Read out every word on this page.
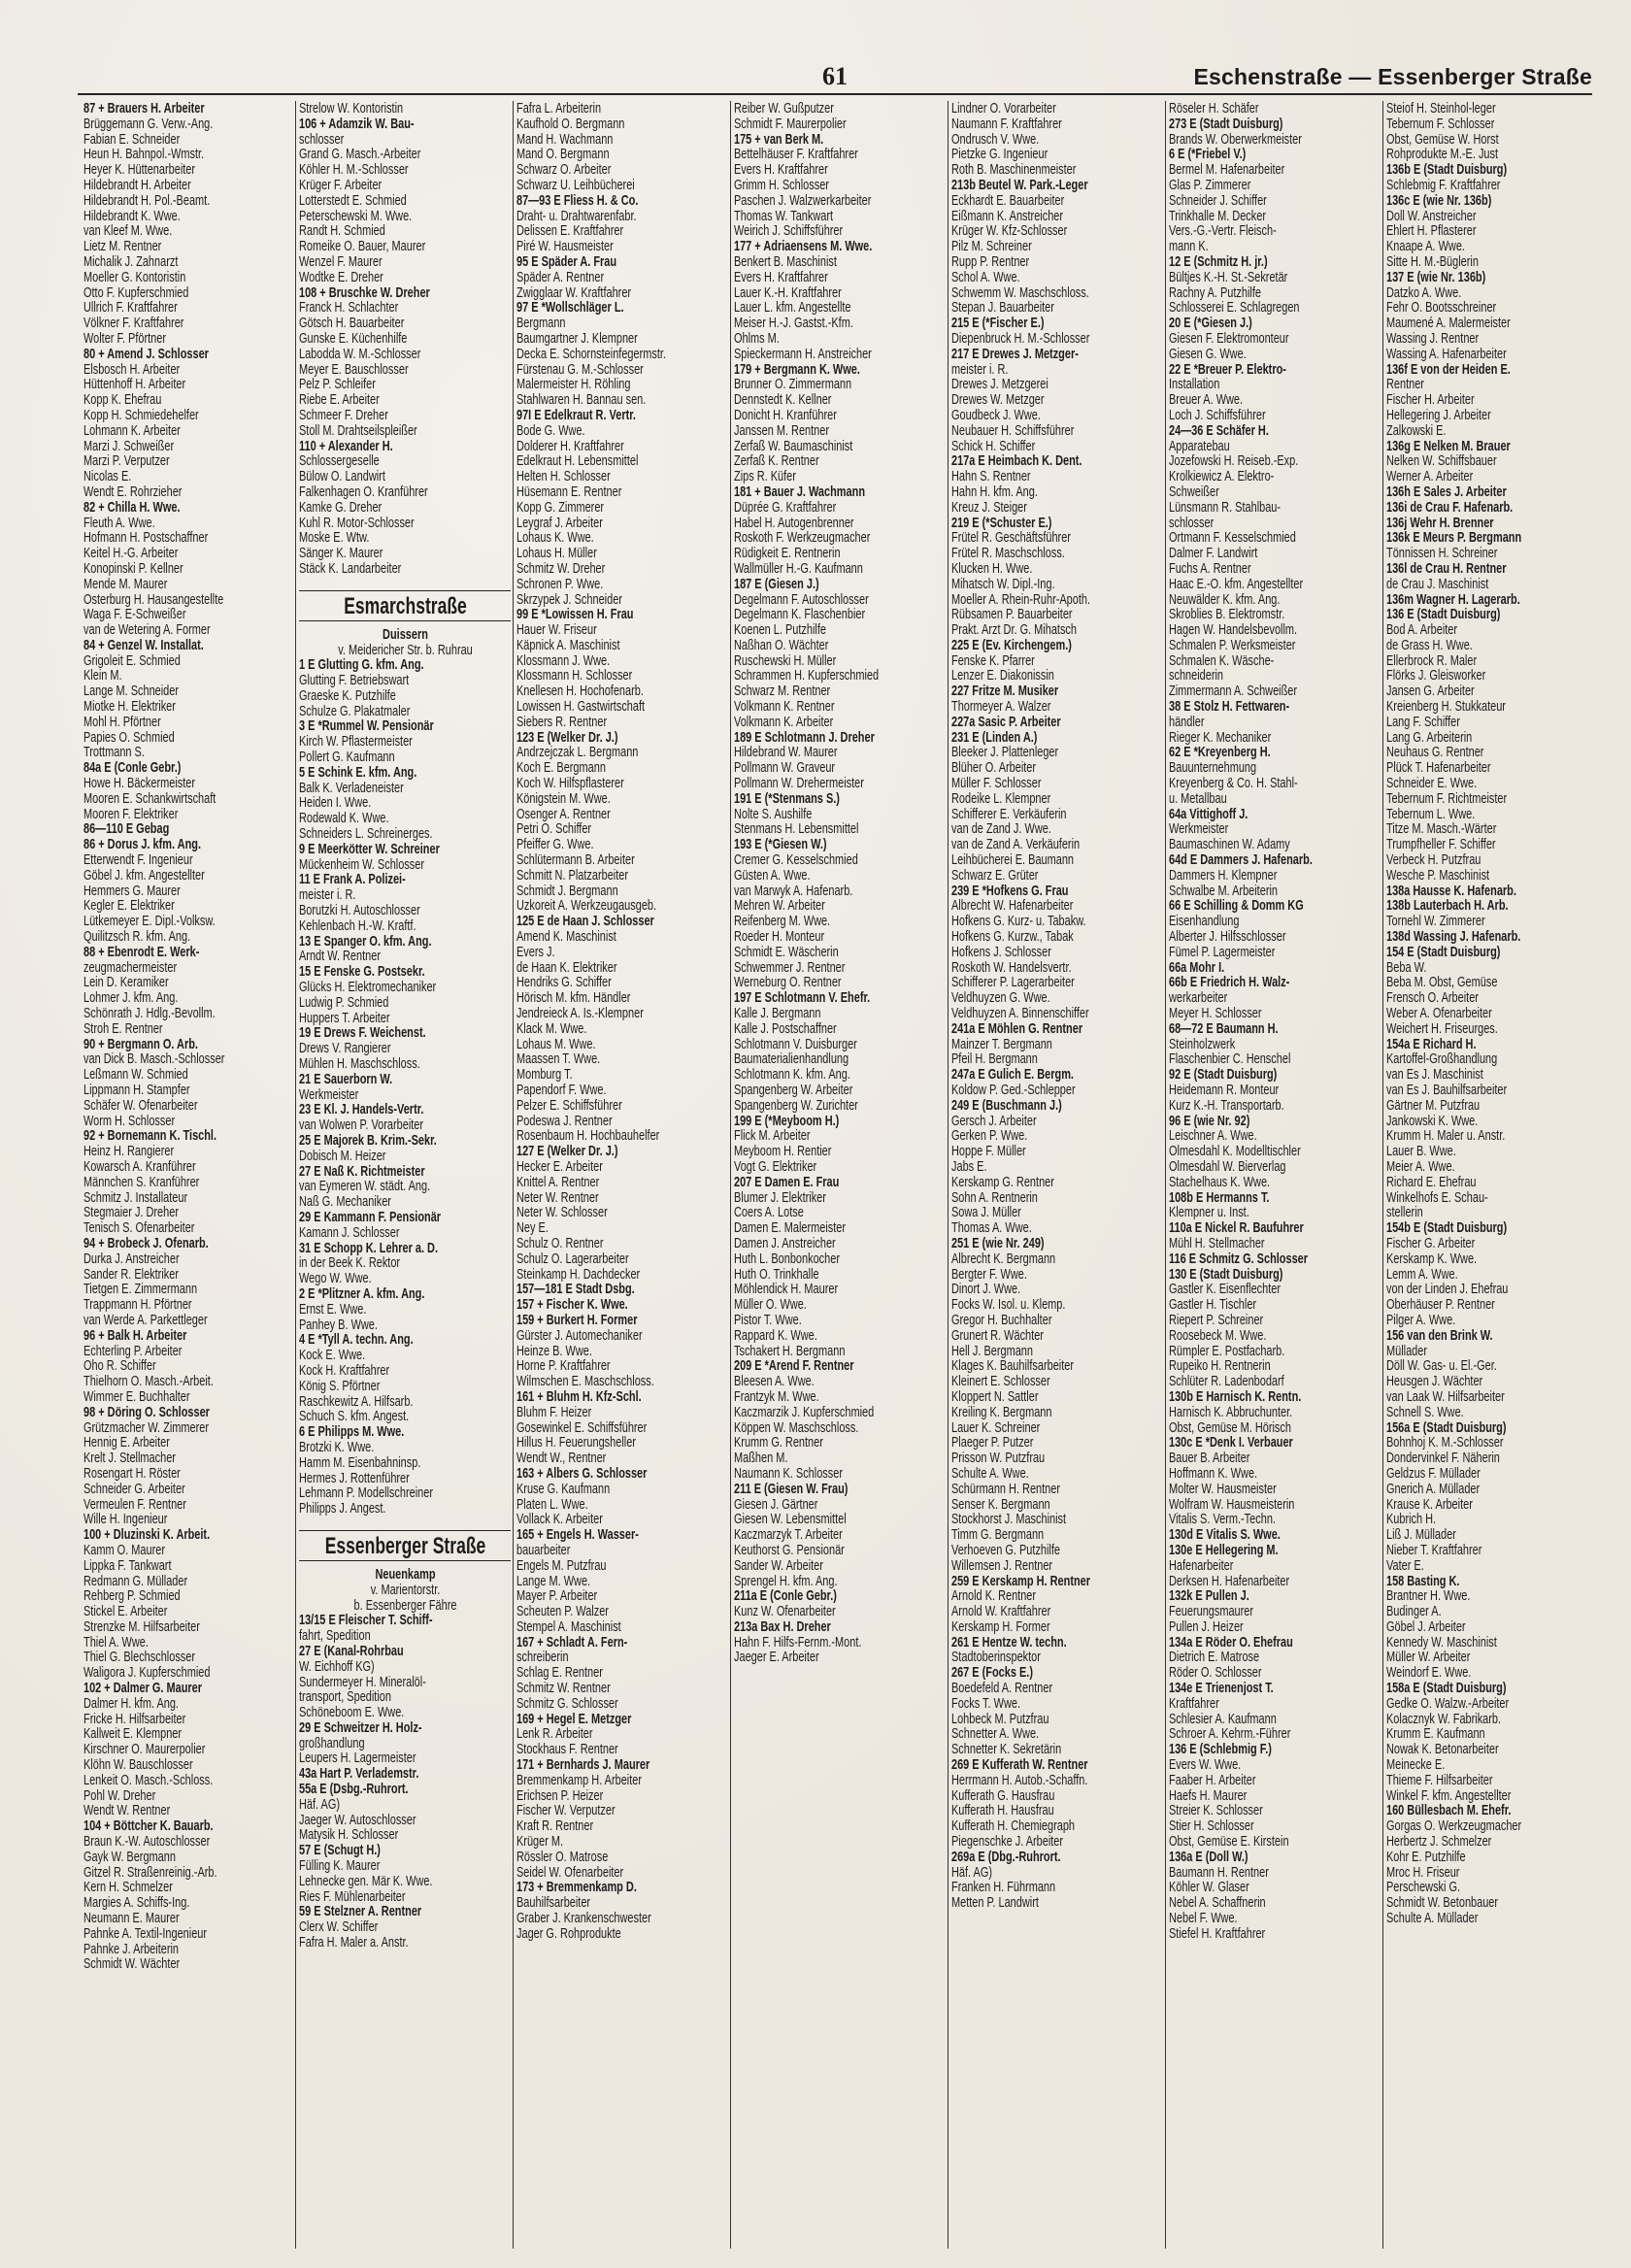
61	Eschenstraße — Essenberger Straße
87 + Brauers H. Arbeiter
Brüggemann G. Verw.-Ang.
Fabian E. Schneider
Heun H. Bahnpol.-Wmstr.
Heyer K. Hüttenarbeiter
Hildebrandt H. Arbeiter
Hildebrandt H. Pol.-Beamt.
Hildebrandt K. Wwe.
van Kleef M. Wwe.
Lietz M. Rentner
Michalik J. Zahnarzt
Moeller G. Kontoristin
Otto F. Kupferschmied
Ullrich F. Kraftfahrer
Völkner F. Kraftfahrer
Wolter F. Pförtner
80 + Amend J. Schlosser
Elsbosch H. Arbeiter
Hüttenhoff H. Arbeiter
Kopp K. Ehefrau
Kopp H. Schmiedehelfer
Lohmann K. Arbeiter
Marzi J. Schweißer
Marzi P. Verputzer
Nicolas E.
Wendt E. Rohrzieher
82 + Chilla H. Wwe.
Fleuth A. Wwe.
Hofmann H. Postschaffner
Keitel H.-G. Arbeiter
Konopinski P. Kellner
Mende M. Maurer
Osterburg H. Hausangestellte
Waga F. E-Schweißer
van de Wetering A. Former
84 + Genzel W. Installat.
Grigoleit E. Schmied
Klein M.
Lange M. Schneider
Miotke H. Elektriker
Mohl H. Pförtner
Papies O. Schmied
Trottmann S.
84a E (Conle Gebr.)
Howe H. Bäckermeister
Mooren E. Schankwirtschaft
Mooren F. Elektriker
86—110 E Gebag
86 + Dorus J. kfm. Ang.
Etterwendt F. Ingenieur
Göbel J. kfm. Angestellter
Hemmers G. Maurer
Kegler E. Elektriker
Lütkemeyer E. Dipl.-Volksw.
Quilitzsch R. kfm. Ang.
88 + Ebenrodt E. Werk-
zeugmachermeister
Lein D. Keramiker
Lohmer J. kfm. Ang.
Schönrath J. Hdlg.-Bevollm.
Stroh E. Rentner
90 + Bergmann O. Arb.
van Dick B. Masch.-Schlosser
Leßmann W. Schmied
Lippmann H. Stampfer
Schäfer W. Ofenarbeiter
Worm H. Schlosser
92 + Bornemann K. Tischl.
Heinz H. Rangierer
Kowarsch A. Kranführer
Männchen S. Kranführer
Schmitz J. Installateur
Stegmaier J. Dreher
Tenisch S. Ofenarbeiter
94 + Brobeck J. Ofenarb.
Durka J. Anstreicher
Sander R. Elektriker
Tietgen E. Zimmermann
Trappmann H. Pförtner
van Werde A. Parkettleger
96 + Balk H. Arbeiter
Echterling P. Arbeiter
Oho R. Schiffer
Thielhorn O. Masch.-Arbeit.
Wimmer E. Buchhalter
98 + Döring O. Schlosser
Grützmacher W. Zimmerer
Hennig E. Arbeiter
Krelt J. Stellmacher
Rosengart H. Röster
Schneider G. Arbeiter
Vermeulen F. Rentner
Wille H. Ingenieur
100 + Dluzinski K. Arbeit.
Kamm O. Maurer
Lippka F. Tankwart
Redmann G. Müllader
Rehberg P. Schmied
Stickel E. Arbeiter
Strenzke M. Hilfsarbeiter
Thiel A. Wwe.
Thiel G. Blechschlosser
Waligora J. Kupferschmied
102 + Dalmer G. Maurer
Dalmer H. kfm. Ang.
Fricke H. Hilfsarbeiter
Kallweit E. Klempner
Kirschner O. Maurerpolier
Klöhn W. Bauschlosser
Lenkeit O. Masch.-Schloss.
Pohl W. Dreher
Wendt W. Rentner
104 + Böttcher K. Bauarb.
Braun K.-W. Autoschlosser
Gayk W. Bergmann
Gitzel R. Straßenreinig.-Arb.
Kern H. Schmelzer
Margies A. Schiffs-Ing.
Neumann E. Maurer
Pahnke A. Textil-Ingenieur
Pahnke J. Arbeiterin
Schmidt W. Wächter
Strelow W. Kontoristin
106 + Adamzik W. Bau-
schlosser
Grand G. Masch.-Arbeiter
Köhler H. M.-Schlosser
Krüger F. Arbeiter
Lotterstedt E. Schmied
Peterschewski M. Wwe.
Randt H. Schmied
Romeike O. Bauer, Maurer
Wenzel F. Maurer
Wodtke E. Dreher
108 + Bruschke W. Dreher
Franck H. Schlachter
Götsch H. Bauarbeiter
Gunske E. Küchenhilfe
Labodda W. M.-Schlosser
Meyer E. Bauschlosser
Pelz P. Schleifer
Riebe E. Arbeiter
Schmeer F. Dreher
Stoll M. Drahtseilspleißer
110 + Alexander H.
Schlossergeselle
Bülow O. Landwirt
Falkenhagen O. Kranführer
Kamke G. Dreher
Kuhl R. Motor-Schlosser
Moske E. Wtw.
Sänger K. Maurer
Stäck K. Landarbeiter
Esmarchstraße
Duissern
v. Meidericher Str. b. Ruhrau
1 E Glutting G. kfm. Ang.
Glutting F. Betriebswart
Graeske K. Putzhilfe
Schulze G. Plakatmaler
3 E *Rummel W. Pensionär
Kirch W. Pflastermeister
Pollert G. Kaufmann
5 E Schink E. kfm. Ang.
Balk K. Verladeneister
Heiden I. Wwe.
Rodewald K. Wwe.
Schneiders L. Schreinerges.
9 E Meerkötter W. Schreiner
Mückenheim W. Schlosser
11 E Frank A. Polizei-
meister i. R.
Borutzki H. Autoschlosser
Kehlenbach H.-W. Kraftf.
13 E Spanger O. kfm. Ang.
Arndt W. Rentner
15 E Fenske G. Postsekr.
Glücks H. Elektromechaniker
Ludwig P. Schmied
Huppers T. Arbeiter
19 E Drews F. Weichenst.
Drews V. Rangierer
Mühlen H. Maschschloss.
21 E Sauerborn W.
Werkmeister
23 E Kl. J. Handels-Vertr.
van Wolwen P. Vorarbeiter
25 E Majorek B. Krim.-Sekr.
Dobisch M. Heizer
27 E Naß K. Richtmeister
van Eymeren W. städt. Ang.
Naß G. Mechaniker
29 E Kammann F. Pensionär
Kamann J. Schlosser
31 E Schopp K. Lehrer a. D.
in der Beek K. Rektor
Wego W. Wwe.
2 E *Plitzner A. kfm. Ang.
Ernst E. Wwe.
Panhey B. Wwe.
4 E *Tyll A. techn. Ang.
Kock E. Wwe.
Kock H. Kraftfahrer
König S. Pförtner
Raschkewitz A. Hilfsarb.
Schuch S. kfm. Angest.
6 E Philipps M. Wwe.
Brotzki K. Wwe.
Hamm M. Eisenbahninsp.
Hermes J. Rottenführer
Lehmann P. Modellschreiner
Philipps J. Angest.
Essenberger Straße
Neuenkamp
v. Marientorstr.
b. Essenberger Fähre
13/15 E Fleischer T. Schiff-
fahrt, Spedition
27 E (Kanal-Rohrbau
W. Eichhoff KG)
Sundermeyer H. Mineralöl-
transport, Spedition
Schöneboom E. Wwe.
29 E Schweitzer H. Holz-
großhandlung
Leupers H. Lagermeister
43a Hart P. Verlademstr.
55a E (Dsbg.-Ruhrort.
Häf. AG)
Jaeger W. Autoschlosser
Matysik H. Schlosser
57 E (Schugt H.)
Fülling K. Maurer
Lehnecke gen. Mär K. Wwe.
Ries F. Mühlenarbeiter
59 E Stelzner A. Rentner
Clerx W. Schiffer
Fafra H. Maler a. Anstr.
Fafra L. Arbeiterin
Kaufhold O. Bergmann
Mand H. Wachmann
Mand O. Bergmann
Schwarz O. Arbeiter
Schwarz U. Leihbücherei
87—93 E Fliess H. & Co.
Draht- u. Drahtwarenfabr.
Delissen E. Kraftfahrer
Piré W. Hausmeister
95 E Späder A. Frau
Späder A. Rentner
Zwigglaar W. Kraftfahrer
97 E *Wollschläger L.
Bergmann
Baumgartner J. Klempner
Decka E. Schornsteinfegermstr.
Fürstenau G. M.-Schlosser
Malermeister H. Röhling
Stahlwaren H. Bannau sen.
97I E Edelkraut R. Vertr.
Bode G. Wwe.
Dolderer H. Kraftfahrer
Edelkraut H. Lebensmittel
Helten H. Schlosser
Hüsemann E. Rentner
Kopp G. Zimmerer
Leygraf J. Arbeiter
Lohaus K. Wwe.
Lohaus H. Müller
Schmitz W. Dreher
Schronen P. Wwe.
Skrzypek J. Schneider
99 E *Lowissen H. Frau
Hauer W. Friseur
Käpnick A. Maschinist
Klossmann J. Wwe.
Klossmann H. Schlosser
Knellesen H. Hochofenarb.
Lowissen H. Gastwirtschaft
Siebers R. Rentner
123 E (Welker Dr. J.)
Andrzejczak L. Bergmann
Koch E. Bergmann
Koch W. Hilfspflasterer
Königstein M. Wwe.
Osenger A. Rentner
Petri O. Schiffer
Pfeiffer G. Wwe.
Schlütermann B. Arbeiter
Schmitt N. Platzarbeiter
Schmidt J. Bergmann
Uzkoreit A. Werkzeugausgeb.
125 E de Haan J. Schlosser
Amend K. Maschinist
Evers J.
de Haan K. Elektriker
Hendriks G. Schiffer
Hörisch M. kfm. Händler
Jendreieck A. Is.-Klempner
Klack M. Wwe.
Lohaus M. Wwe.
Maassen T. Wwe.
Momburg T.
Papendorf F. Wwe.
Pelzer E. Schiffsführer
Podeswa J. Rentner
Rosenbaum H. Hochbauhelfer
127 E (Welker Dr. J.)
Hecker E. Arbeiter
Knittel A. Rentner
Neter W. Rentner
Neter W. Schlosser
Ney E.
Schulz O. Rentner
Schulz O. Lagerarbeiter
Steinkamp H. Dachdecker
157—181 E Stadt Dsbg.
157 + Fischer K. Wwe.
159 + Burkert H. Former
Gürster J. Automechaniker
Heinze B. Wwe.
Horne P. Kraftfahrer
Wilmschen E. Maschschloss.
161 + Bluhm H. Kfz-Schl.
Bluhm F. Heizer
Gosewinkel E. Schiffsführer
Hillus H. Feuerungsheller
Wendt W., Rentner
163 + Albers G. Schlosser
Kruse G. Kaufmann
Platen L. Wwe.
Vollack K. Arbeiter
165 + Engels H. Wasser-
bauarbeiter
Engels M. Putzfrau
Lange M. Wwe.
Mayer P. Arbeiter
Scheuten P. Walzer
Stempel A. Maschinist
167 + Schladt A. Fern-
schreiberin
Schlag E. Rentner
Schmitz W. Rentner
Schmitz G. Schlosser
169 + Hegel E. Metzger
Lenk R. Arbeiter
Stockhaus F. Rentner
171 + Bernhards J. Maurer
Bremmenkamp H. Arbeiter
Erichsen P. Heizer
Fischer W. Verputzer
Kraft R. Rentner
Krüger M.
Rössler O. Matrose
Seidel W. Ofenarbeiter
173 + Bremmenkamp D.
Bauhilfsarbeiter
Graber J. Krankenschwester
Jager G. Rohprodukte
Reiber W. Gußputzer
Schmidt F. Maurerpolier
175 + van Berk M.
Bettelhäuser F. Kraftfahrer
Evers H. Kraftfahrer
Grimm H. Schlosser
Paschen J. Walzwerkarbeiter
Thomas W. Tankwart
Weirich J. Schiffsführer
177 + Adriaensens M. Wwe.
Benkert B. Maschinist
Evers H. Kraftfahrer
Lauer K.-H. Kraftfahrer
Lauer L. kfm. Angestellte
Meiser H.-J. Gastst.-Kfm.
Ohlms M.
Spieckermann H. Anstreicher
179 + Bergmann K. Wwe.
Brunner O. Zimmermann
Dennstedt K. Kellner
Donicht H. Kranführer
Janssen M. Rentner
Zerfaß W. Baumaschinist
Zerfaß K. Rentner
Zips R. Küfer
181 + Bauer J. Wachmann
Düprée G. Kraftfahrer
Habel H. Autogenbrenner
Roskoth F. Werkzeugmacher
Rüdigkeit E. Rentnerin
Wallmüller H.-G. Kaufmann
187 E (Giesen J.)
Degelmann F. Autoschlosser
Degelmann K. Flaschenbier
Koenen L. Putzhilfe
Naßhan O. Wächter
Ruschewski H. Müller
Schrammen H. Kupferschmied
Schwarz M. Rentner
Volkmann K. Rentner
Volkmann K. Arbeiter
189 E Schlotmann J. Dreher
Hildebrand W. Maurer
Pollmann W. Graveur
Pollmann W. Drehermeister
191 E (*Stenmans S.)
Nolte S. Aushilfe
Stenmans H. Lebensmittel
193 E (*Giesen W.)
Cremer G. Kesselschmied
Güsten A. Wwe.
van Marwyk A. Hafenarb.
Mehren W. Arbeiter
Reifenberg M. Wwe.
Roeder H. Monteur
Schmidt E. Wäscherin
Schwemmer J. Rentner
Werneburg O. Rentner
197 E Schlotmann V. Ehefr.
Kalle J. Bergmann
Kalle J. Postschaffner
Schlotmann V. Duisburger
Baumaterialienhandlung
Schlotmann K. kfm. Ang.
Spangenberg W. Arbeiter
Spangenberg W. Zurichter
199 E (*Meyboom H.)
Flick M. Arbeiter
Meyboom H. Rentier
Vogt G. Elektriker
207 E Damen E. Frau
Blumer J. Elektriker
Coers A. Lotse
Damen E. Malermeister
Damen J. Anstreicher
Huth L. Bonbonkocher
Huth O. Trinkhalle
Möhlendick H. Maurer
Müller O. Wwe.
Pistor T. Wwe.
Rappard K. Wwe.
Tschakert H. Bergmann
209 E *Arend F. Rentner
Bleesen A. Wwe.
Frantzyk M. Wwe.
Kaczmarzik J. Kupferschmied
Köppen W. Maschschloss.
Krumm G. Rentner
Maßhen M.
Naumann K. Schlosser
211 E (Giesen W. Frau)
Giesen J. Gärtner
Giesen W. Lebensmittel
Kaczmarzyk T. Arbeiter
Keuthorst G. Pensionär
Sander W. Arbeiter
Sprengel H. kfm. Ang.
211a E (Conle Gebr.)
Kunz W. Ofenarbeiter
213a Bax H. Dreher
Hahn F. Hilfs-Fernm.-Mont.
Jaeger E. Arbeiter

Lindner O. Vorarbeiter
Naumann F. Kraftfahrer
Ondrusch V. Wwe.
Pietzke G. Ingenieur
Roth B. Maschinenmeister
213b Beutel W. Park.-Leger
Eckhardt E. Bauarbeiter
Eißmann K. Anstreicher
Krüger W. Kfz-Schlosser
Pilz M. Schreiner
Rupp P. Rentner
Schol A. Wwe.
Schwemm W. Maschschloss.
Stepan J. Bauarbeiter
215 E (*Fischer E.)
Diepenbruck H. M.-Schlosser
217 E Drewes J. Metzger-
meister i. R.
Drewes J. Metzgerei
Drewes W. Metzger
Goudbeck J. Wwe.
Neubauer H. Schiffsführer
Schick H. Schiffer
217a E Heimbach K. Dent.
Hahn S. Rentner
Hahn H. kfm. Ang.
Kreuz J. Steiger
219 E (*Schuster E.)
Frütel R. Geschäftsführer
Frütel R. Maschschloss.
Klucken H. Wwe.
Mihatsch W. Dipl.-Ing.
Moeller A. Rhein-Ruhr-Apoth.
Rübsamen P. Bauarbeiter
Prakt. Arzt Dr. G. Mihatsch
225 E (Ev. Kirchengem.)
Fenske K. Pfarrer
Lenzer E. Diakonissin
227 Fritze M. Musiker
Thormeyer A. Walzer
227a Sasic P. Arbeiter
231 E (Linden A.)
Bleeker J. Plattenleger
Blüher O. Arbeiter
Müller F. Schlosser
Rodeike L. Klempner
Schifferer E. Verkäuferin
van de Zand J. Wwe.
van de Zand A. Verkäuferin
Leihbücherei E. Baumann
Schwarz E. Grüter
239 E *Hofkens G. Frau
Albrecht W. Hafenarbeiter
Hofkens G. Kurz- u. Tabakw.
Hofkens G. Kurzw., Tabak
Hofkens J. Schlosser
Roskoth W. Handelsvertr.
Schifferer P. Lagerarbeiter
Veldhuyzen G. Wwe.
Veldhuyzen A. Binnenschiffer
241a E Möhlen G. Rentner
Mainzer T. Bergmann
Pfeil H. Bergmann
247a E Gulich E. Bergm.
Koldow P. Ged.-Schlepper
249 E (Buschmann J.)
Gersch J. Arbeiter
Gerken P. Wwe.
Hoppe F. Müller
Jabs E.
Kerskamp G. Rentner
Sohn A. Rentnerin
Sowa J. Müller
Thomas A. Wwe.
251 E (wie Nr. 249)
Albrecht K. Bergmann
Bergter F. Wwe.
Dinort J. Wwe.
Focks W. Isol. u. Klemp.
Gregor H. Buchhalter
Grunert R. Wächter
Hell J. Bergmann
Klages K. Bauhilfsarbeiter
Kleinert E. Schlosser
Kloppert N. Sattler
Kreiling K. Bergmann
Lauer K. Schreiner
Plaeger P. Putzer
Prisson W. Putzfrau
Schulte A. Wwe.
Schürmann H. Rentner
Senser K. Bergmann
Stockhorst J. Maschinist
Timm G. Bergmann
Verhoeven G. Putzhilfe
Willemsen J. Rentner
259 E Kerskamp H. Rentner
Arnold K. Rentner
Arnold W. Kraftfahrer
Kerskamp H. Former
261 E Hentze W. techn.
Stadtoberinspektor
267 E (Focks E.)
Boedefeld A. Rentner
Focks T. Wwe.
Lohbeck M. Putzfrau
Schnetter A. Wwe.
Schnetter K. Sekretärin
269 E Kufferath W. Rentner
Herrmann H. Autob.-Schaffn.
Kufferath G. Hausfrau
Kufferath H. Hausfrau
Kufferath H. Chemiegraph
Piegenschke J. Arbeiter
269a E (Dbg.-Ruhrort.
Häf. AG)
Franken H. Führmann
Metten P. Landwirt
Röseler H. Schäfer
273 E (Stadt Duisburg)
Brands W. Oberwerkmeister
6 E (*Friebel V.)
Bermel M. Hafenarbeiter
Glas P. Zimmerer
Schneider J. Schiffer
Trinkhalle M. Decker
Vers.-G.-Vertr. Fleisch-
mann K.
12 E (Schmitz H. jr.)
Bültjes K.-H. St.-Sekretär
Rachny A. Putzhilfe
Schlosserei E. Schlagregen
20 E (*Giesen J.)
Giesen F. Elektromonteur
Giesen G. Wwe.
22 E *Breuer P. Elektro-
Installation
Breuer A. Wwe.
Loch J. Schiffsführer
24—36 E Schäfer H.
Apparatebau
Jozefowski H. Reiseb.-Exp.
Krolkiewicz A. Elektro-
Schweißer
Lünsmann R. Stahlbau-
schlosser
Ortmann F. Kesselschmied
Dalmer F. Landwirt
Fuchs A. Rentner
Haac E.-O. kfm. Angestellter
Neuwälder K. kfm. Ang.
Skroblies B. Elektromstr.
Hagen W. Handelsbevollm.
Schmalen P. Werksmeister
Schmalen K. Wäsche-
schneiderin
Zimmermann A. Schweißer
38 E Stolz H. Fettwaren-
händler
Rieger K. Mechaniker
62 E *Kreyenberg H.
Bauunternehmung
Kreyenberg & Co. H. Stahl-
u. Metallbau
64a Vittighoff J.
Werkmeister
Baumaschinen W. Adamy
64d E Dammers J. Hafenarb.
Dammers H. Klempner
Schwalbe M. Arbeiterin
66 E Schilling & Domm KG
Eisenhandlung
Alberter J. Hilfsschlosser
Fümel P. Lagermeister
66a Mohr I.
66b E Friedrich H. Walz-
werkarbeiter
Meyer H. Schlosser
68—72 E Baumann H.
Steinholzwerk
Flaschenbier C. Henschel
92 E (Stadt Duisburg)
Heidemann R. Monteur
Kurz K.-H. Transportarb.
96 E (wie Nr. 92)
Leischner A. Wwe.
Olmesdahl K. Modelltischler
Olmesdahl W. Bierverlag
Stachelhaus K. Wwe.
108b E Hermanns T.
Klempner u. Inst.
110a E Nickel R. Baufuhrer
Mühl H. Stellmacher
116 E Schmitz G. Schlosser
130 E (Stadt Duisburg)
Gastler K. Eisenflechter
Gastler H. Tischler
Riepert P. Schreiner
Roosebeck M. Wwe.
Rümpler E. Postfacharb.
Rupeiko H. Rentnerin
Schlüter R. Ladenbodarf
130b E Harnisch K. Rentn.
Harnisch K. Abbruchunter.
Obst, Gemüse M. Hörisch
130c E *Denk I. Verbauer
Bauer B. Arbeiter
Hoffmann K. Wwe.
Molter W. Hausmeister
Wolfram W. Hausmeisterin
Vitalis S. Verm.-Techn.
130d E Vitalis S. Wwe.
130e E Hellegering M.
Hafenarbeiter
Derksen H. Hafenarbeiter
132k E Pullen J.
Feuerungsmaurer
Pullen J. Heizer
134a E Röder O. Ehefrau
Dietrich E. Matrose
Röder O. Schlosser
134e E Trienenjost T.
Kraftfahrer
Schlesier A. Kaufmann
Schroer A. Kehrm.-Führer
136 E (Schlebmig F.)
Evers W. Wwe.
Faaber H. Arbeiter
Haefs H. Maurer
Streier K. Schlosser
Stier H. Schlosser
Obst, Gemüse E. Kirstein
136a E (Doll W.)
Baumann H. Rentner
Köhler W. Glaser
Nebel A. Schaffnerin
Nebel F. Wwe.
Stiefel H. Kraftfahrer
Steiof H. Steinhol-leger
Tebernum F. Schlosser
Obst, Gemüse W. Horst
Rohprodukte M.-E. Just
136b E (Stadt Duisburg)
Schlebmig F. Kraftfahrer
136c E (wie Nr. 136b)
Doll W. Anstreicher
Ehlert H. Pflasterer
Knaape A. Wwe.
Sitte H. M.-Büglerin
137 E (wie Nr. 136b)
Datzko A. Wwe.
Fehr O. Bootsschreiner
Maumené A. Malermeister
Wassing J. Rentner
Wassing A. Hafenarbeiter
136f E von der Heiden E.
Rentner
Fischer H. Arbeiter
Hellegering J. Arbeiter
Zalkowski E.
136g E Nelken M. Brauer
Nelken W. Schiffsbauer
Werner A. Arbeiter
136h E Sales J. Arbeiter
136i de Crau F. Hafenarb.
136j Wehr H. Brenner
136k E Meurs P. Bergmann
Tönnissen H. Schreiner
136l de Crau H. Rentner
de Crau J. Maschinist
136m Wagner H. Lagerarb.
136 E (Stadt Duisburg)
Bod A. Arbeiter
de Grass H. Wwe.
Ellerbrock R. Maler
Flörks J. Gleisworker
Jansen G. Arbeiter
Kreienberg H. Stukkateur
Lang F. Schiffer
Lang G. Arbeiterin
Neuhaus G. Rentner
Plück T. Hafenarbeiter
Schneider E. Wwe.
Tebernum F. Richtmeister
Tebernum L. Wwe.
Titze M. Masch.-Wärter
Trumpfheller F. Schiffer
Verbeck H. Putzfrau
Wesche P. Maschinist
138a Hausse K. Hafenarb.
138b Lauterbach H. Arb.
Tornehl W. Zimmerer
138d Wassing J. Hafenarb.
154 E (Stadt Duisburg)
Beba W.
Beba M. Obst, Gemüse
Frensch O. Arbeiter
Weber A. Ofenarbeiter
Weichert H. Friseurges.
154a E Richard H.
Kartoffel-Großhandlung
van Es J. Maschinist
van Es J. Bauhilfsarbeiter
Gärtner M. Putzfrau
Jankowski K. Wwe.
Krumm H. Maler u. Anstr.
Lauer B. Wwe.
Meier A. Wwe.
Richard E. Ehefrau
Winkelhofs E. Schau-
stellerin
154b E (Stadt Duisburg)
Fischer G. Arbeiter
Kerskamp K. Wwe.
Lemm A. Wwe.
von der Linden J. Ehefrau
Oberhäuser P. Rentner
Pilger A. Wwe.
156 van den Brink W.
Müllader
Döll W. Gas- u. El.-Ger.
Heusgen J. Wächter
van Laak W. Hilfsarbeiter
Schnell S. Wwe.
156a E (Stadt Duisburg)
Bohnhoj K. M.-Schlosser
Dondervinkel F. Näherin
Geldzus F. Müllader
Gnerich A. Müllader
Krause K. Arbeiter
Kubrich H.
Liß J. Müllader
Nieber T. Kraftfahrer
Vater E.
158 Basting K.
Brantner H. Wwe.
Budinger A.
Göbel J. Arbeiter
Kennedy W. Maschinist
Müller W. Arbeiter
Weindorf E. Wwe.
158a E (Stadt Duisburg)
Gedke O. Walzw.-Arbeiter
Kolacznyk W. Fabrikarb.
Krumm E. Kaufmann
Nowak K. Betonarbeiter
Meinecke E.
Thieme F. Hilfsarbeiter
Winkel F. kfm. Angestellter
160 Büllesbach M. Ehefr.
Gorgas O. Werkzeugmacher
Herbertz J. Schmelzer
Kohr E. Putzhilfe
Mroc H. Friseur
Perschewski G.
Schmidt W. Betonbauer
Schulte A. Müllader
